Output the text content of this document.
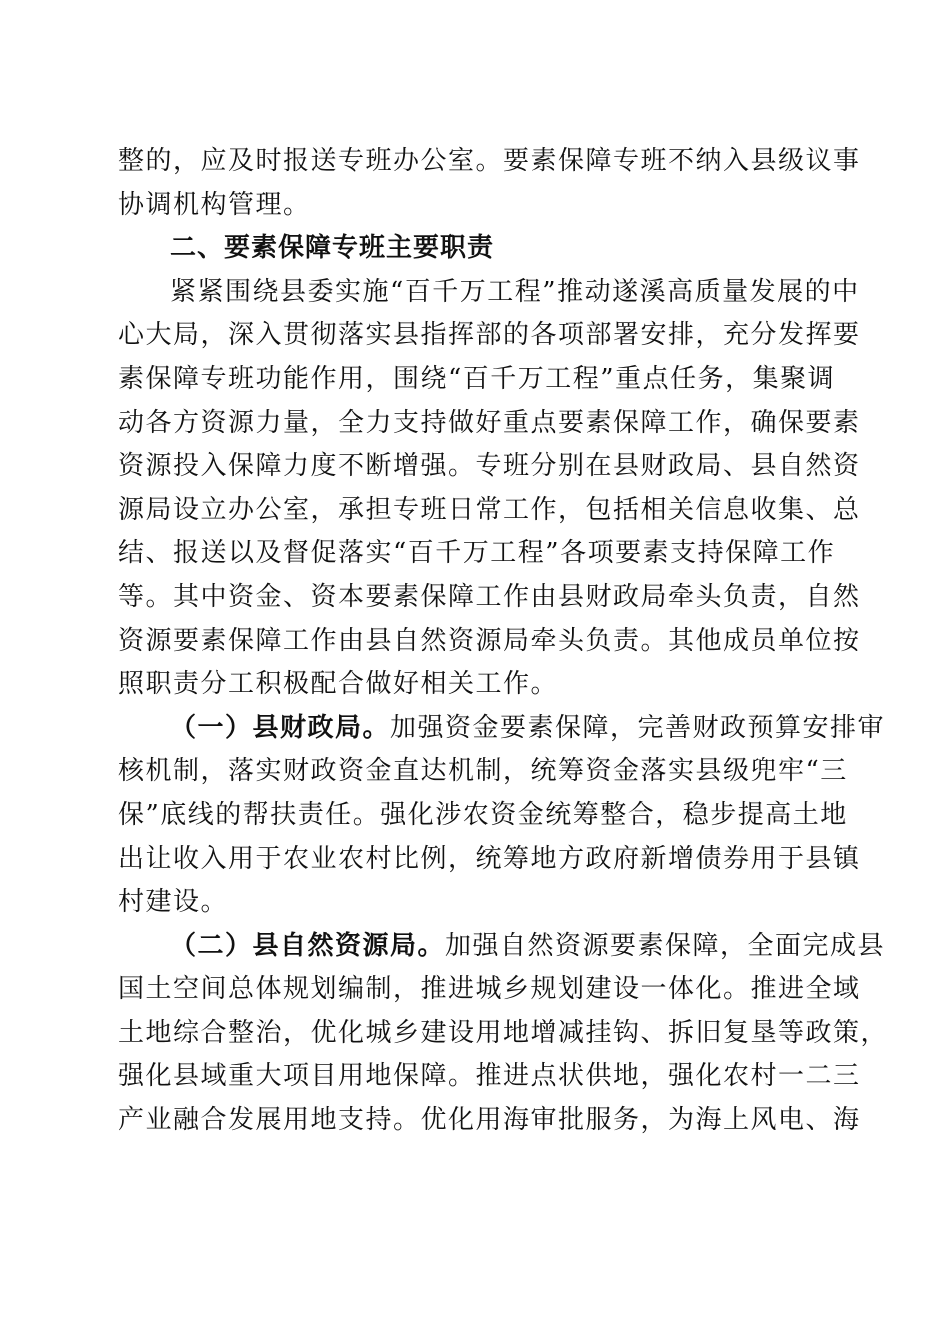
整的，应及时报送专班办公室。要素保障专班不纳入县级议事
协调机构管理。
二、要素保障专班主要职责
紧紧围绕县委实施“百千万工程”推动遂溪高质量发展的中
心大局，深入贯彻落实县指挥部的各项部署安排，充分发挥要
素保障专班功能作用，围绕“百千万工程”重点任务，集聚调
动各方资源力量，全力支持做好重点要素保障工作，确保要素
资源投入保障力度不断增强。专班分别在县财政局、县自然资
源局设立办公室，承担专班日常工作，包括相关信息收集、总
结、报送以及督促落实“百千万工程”各项要素支持保障工作
等。其中资金、资本要素保障工作由县财政局牵头负责，自然
资源要素保障工作由县自然资源局牵头负责。其他成员单位按
照职责分工积极配合做好相关工作。
（一）县财政局。加强资金要素保障，完善财政预算安排审
核机制，落实财政资金直达机制，统筹资金落实县级兜牢“三
保”底线的帮扶责任。强化涉农资金统筹整合，稳步提高土地
出让收入用于农业农村比例，统筹地方政府新增债券用于县镇
村建设。
（二）县自然资源局。加强自然资源要素保障，全面完成县
国土空间总体规划编制，推进城乡规划建设一体化。推进全域
土地综合整治，优化城乡建设用地增减挂钩、拆旧复垦等政策，
强化县域重大项目用地保障。推进点状供地，强化农村一二三
产业融合发展用地支持。优化用海审批服务，为海上风电、海
